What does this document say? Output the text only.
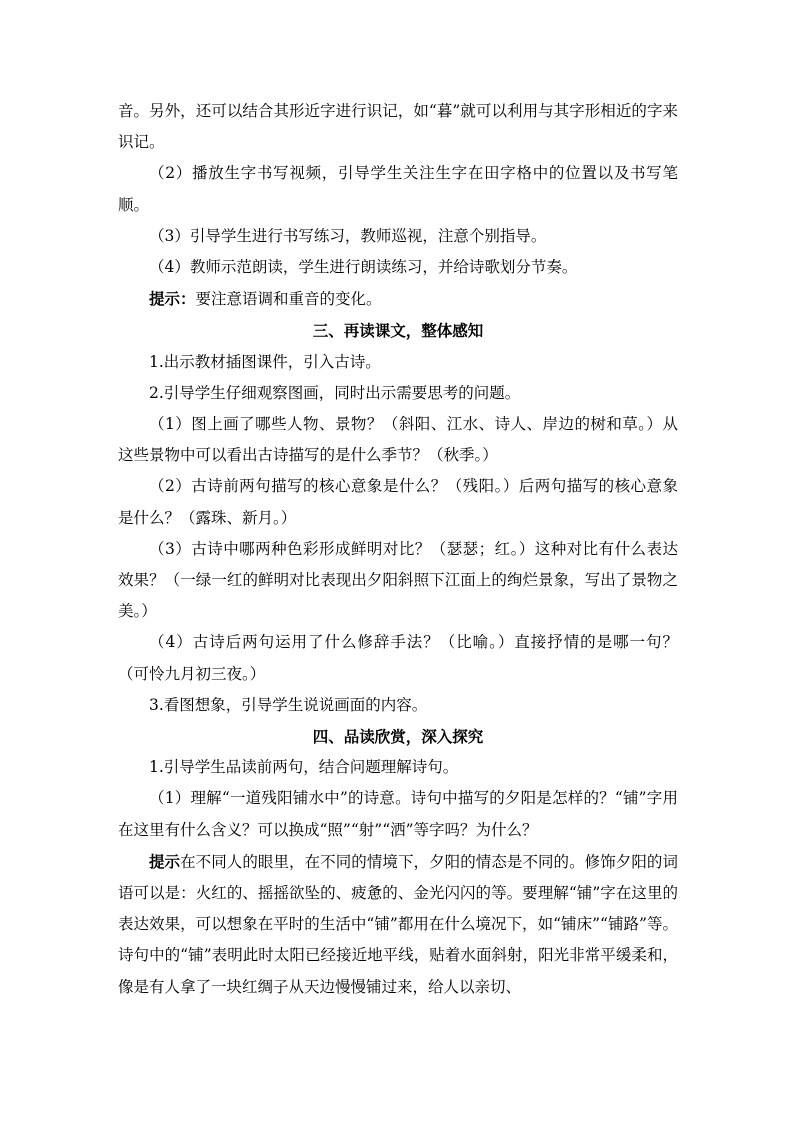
音。另外，还可以结合其形近字进行识记，如“暮”就可以利用与其字形相近的字来识记。

（2）播放生字书写视频，引导学生关注生字在田字格中的位置以及书写笔顺。

（3）引导学生进行书写练习，教师巡视，注意个别指导。

（4）教师示范朗读，学生进行朗读练习，并给诗歌划分节奏。

提示：要注意语调和重音的变化。

三、再读课文，整体感知

1.出示教材插图课件，引入古诗。

2.引导学生仔细观察图画，同时出示需要思考的问题。

（1）图上画了哪些人物、景物？（斜阳、江水、诗人、岸边的树和草。）从这些景物中可以看出古诗描写的是什么季节？（秋季。）

（2）古诗前两句描写的核心意象是什么？（残阳。）后两句描写的核心意象是什么？（露珠、新月。）

（3）古诗中哪两种色彩形成鲜明对比？（瑟瑟；红。）这种对比有什么表达效果？（一绿一红的鲜明对比表现出夕阳斜照下江面上的绚烂景象，写出了景物之美。）

（4）古诗后两句运用了什么修辞手法？（比喻。）直接抒情的是哪一句？（可怜九月初三夜。）

3.看图想象，引导学生说说画面的内容。

四、品读欣赏，深入探究

1.引导学生品读前两句，结合问题理解诗句。

（1）理解“一道残阳铺水中”的诗意。诗句中描写的夕阳是怎样的？“铺”字用在这里有什么含义？可以换成“照”“射”“洒”等字吗？为什么？

提示在不同人的眼里，在不同的情境下，夕阳的情态是不同的。修饰夕阳的词语可以是：火红的、摇摇欲坠的、疲惫的、金光闪闪的等。要理解“铺”字在这里的表达效果，可以想象在平时的生活中“铺”都用在什么境况下，如“铺床”“铺路”等。诗句中的“铺”表明此时太阳已经接近地平线，贴着水面斜射，阳光非常平缓柔和，像是有人拿了一块红绸子从天边慢慢铺过来，给人以亲切、
